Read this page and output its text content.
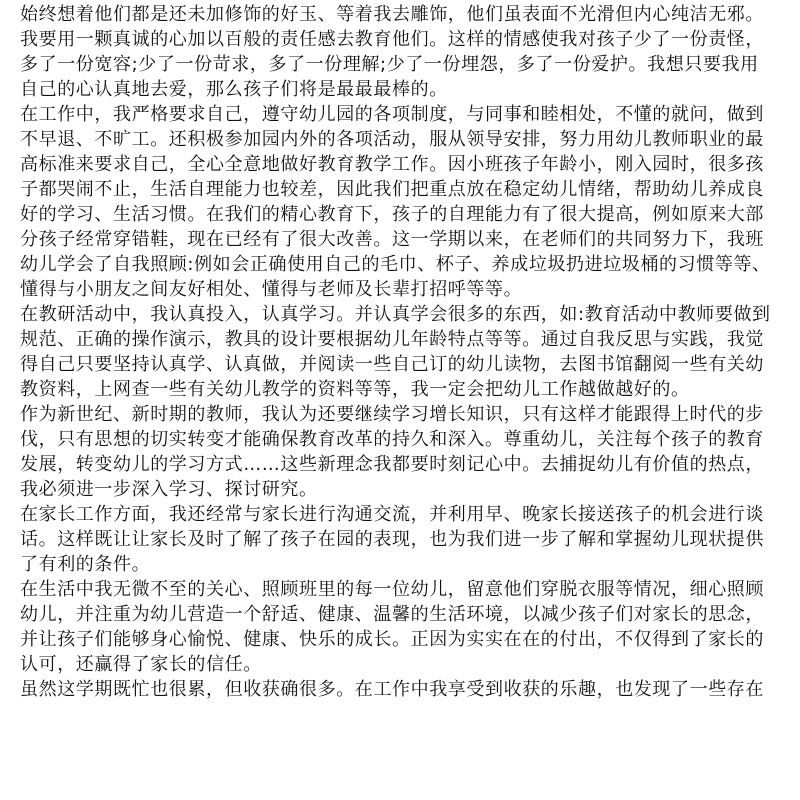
始终想着他们都是还未加修饰的好玉、等着我去雕饰，他们虽表面不光滑但内心纯洁无邪。

我要用一颗真诚的心加以百般的责任感去教育他们。这样的情感使我对孩子少了一份责怪，

多了一份宽容;少了一份苛求，多了一份理解;少了一份埋怨，多了一份爱护。我想只要我用

自己的心认真地去爱，那么孩子们将是最最最棒的。

在工作中，我严格要求自己，遵守幼儿园的各项制度，与同事和睦相处，不懂的就问，做到

不早退、不旷工。还积极参加园内外的各项活动，服从领导安排，努力用幼儿教师职业的最

高标准来要求自己，全心全意地做好教育教学工作。因小班孩子年龄小，刚入园时，很多孩

子都哭闹不止，生活自理能力也较差，因此我们把重点放在稳定幼儿情绪，帮助幼儿养成良

好的学习、生活习惯。在我们的精心教育下，孩子的自理能力有了很大提高，例如原来大部

分孩子经常穿错鞋，现在已经有了很大改善。这一学期以来，在老师们的共同努力下，我班

幼儿学会了自我照顾:例如会正确使用自己的毛巾、杯子、养成垃圾扔进垃圾桶的习惯等等、

懂得与小朋友之间友好相处、懂得与老师及长辈打招呼等等。

在教研活动中，我认真投入，认真学习。并认真学会很多的东西，如:教育活动中教师要做到

规范、正确的操作演示，教具的设计要根据幼儿年龄特点等等。通过自我反思与实践，我觉

得自己只要坚持认真学、认真做，并阅读一些自己订的幼儿读物，去图书馆翻阅一些有关幼

教资料，上网查一些有关幼儿教学的资料等等，我一定会把幼儿工作越做越好的。

作为新世纪、新时期的教师，我认为还要继续学习增长知识，只有这样才能跟得上时代的步

伐，只有思想的切实转变才能确保教育改革的持久和深入。尊重幼儿，关注每个孩子的教育

发展，转变幼儿的学习方式……这些新理念我都要时刻记心中。去捕捉幼儿有价值的热点，

我必须进一步深入学习、探讨研究。

在家长工作方面，我还经常与家长进行沟通交流，并利用早、晚家长接送孩子的机会进行谈

话。这样既让让家长及时了解了孩子在园的表现，也为我们进一步了解和掌握幼儿现状提供

了有利的条件。

在生活中我无微不至的关心、照顾班里的每一位幼儿，留意他们穿脱衣服等情况，细心照顾

幼儿，并注重为幼儿营造一个舒适、健康、温馨的生活环境，以减少孩子们对家长的思念，

并让孩子们能够身心愉悦、健康、快乐的成长。正因为实实在在的付出，不仅得到了家长的

认可，还赢得了家长的信任。

虽然这学期既忙也很累，但收获确很多。在工作中我享受到收获的乐趣，也发现了一些存在
